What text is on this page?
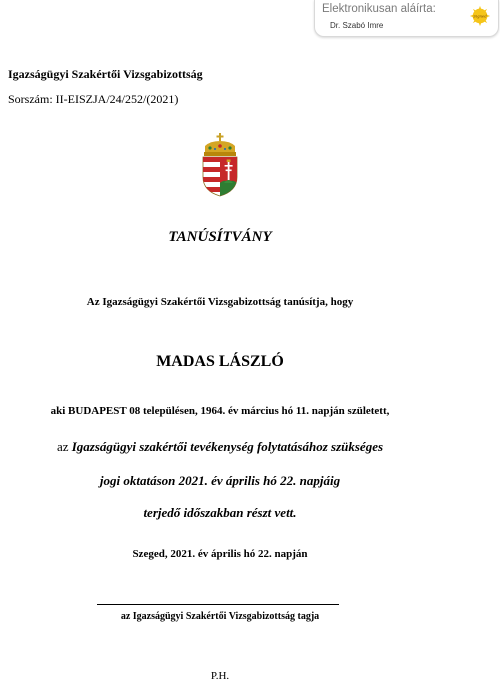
Elektronikusan aláírta:
Dr. Szabó Imre
Signed
Igazságügyi Szakértői Vizsgabizottság
Sorszám: II-EISZJA/24/252/(2021)
TANÚSÍTVÁNY
Az Igazságügyi Szakértői Vizsgabizottság tanúsítja, hogy
MADAS LÁSZLÓ
aki BUDAPEST 08 településen, 1964. év március hó 11. napján született,
az Igazságügyi szakértői tevékenység folytatásához szükséges
jogi oktatáson 2021. év április hó 22. napjáig
terjedő időszakban részt vett.
Szeged, 2021. év április hó 22. napján
az Igazságügyi Szakértői Vizsgabizottság tagja
P.H.
